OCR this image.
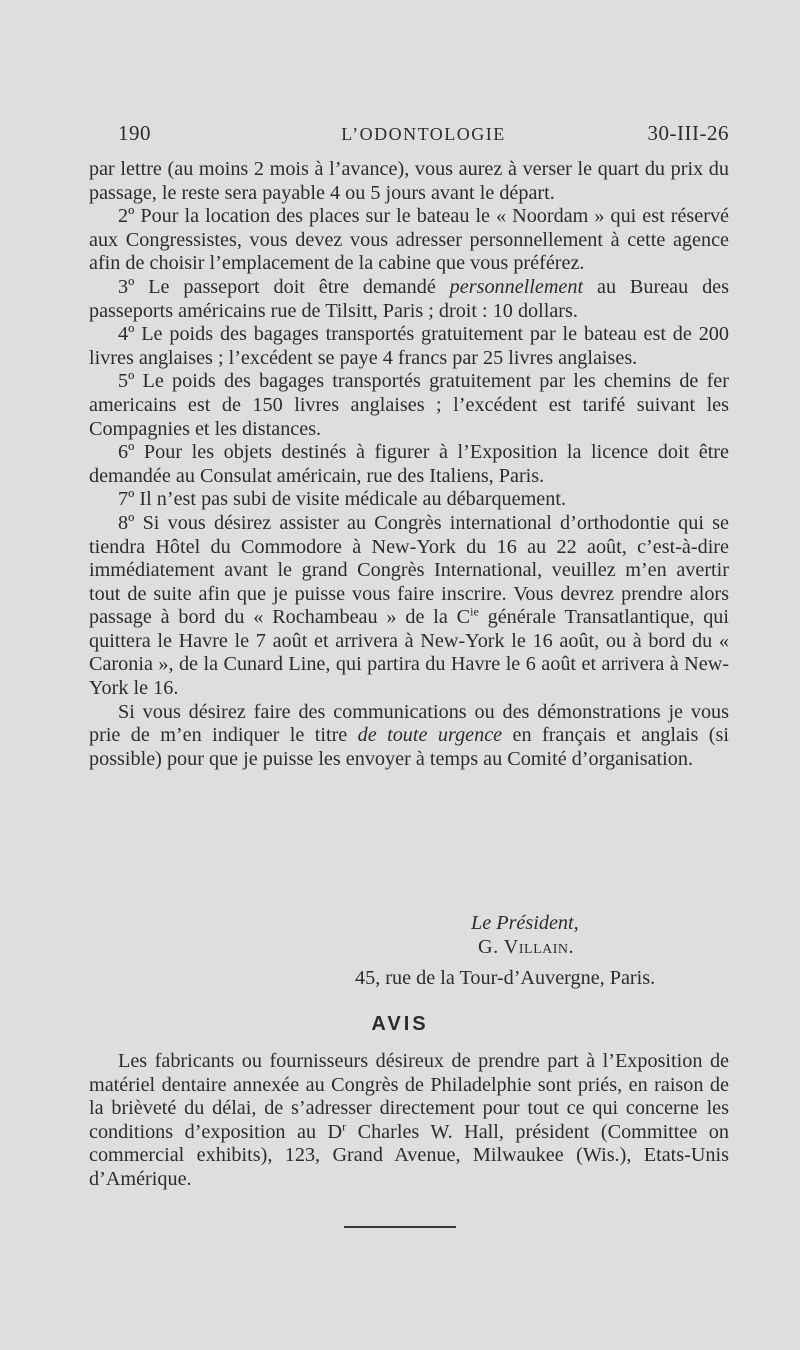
190	L’ODONTOLOGIE	30-III-26

par lettre (au moins 2 mois à l’avance), vous aurez à verser le quart du prix du passage, le reste sera payable 4 ou 5 jours avant le départ.

2º Pour la location des places sur le bateau le « Noordam » qui est réservé aux Congressistes, vous devez vous adresser personnellement à cette agence afin de choisir l’emplacement de la cabine que vous préférez.

3º Le passeport doit être demandé personnellement au Bureau des passeports américains rue de Tilsitt, Paris ; droit : 10 dollars.

4º Le poids des bagages transportés gratuitement par le bateau est de 200 livres anglaises ; l’excédent se paye 4 francs par 25 livres anglaises.

5º Le poids des bagages transportés gratuitement par les chemins de fer americains est de 150 livres anglaises ; l’excédent est tarifé suivant les Compagnies et les distances.

6º Pour les objets destinés à figurer à l’Exposition la licence doit être demandée au Consulat américain, rue des Italiens, Paris.

7º Il n’est pas subi de visite médicale au débarquement.

8º Si vous désirez assister au Congrès international d’orthodontie qui se tiendra Hôtel du Commodore à New-York du 16 au 22 août, c’est-à-dire immédiatement avant le grand Congrès International, veuillez m’en avertir tout de suite afin que je puisse vous faire inscrire. Vous devrez prendre alors passage à bord du « Rochambeau » de la $C^{ie}$ générale Transatlantique, qui quittera le Havre le 7 août et arrivera à New-York le 16 août, ou à bord du « Caronia », de la Cunard Line, qui partira du Havre le 6 août et arrivera à New-York le 16.

Si vous désirez faire des communications ou des démonstrations je vous prie de m’en indiquer le titre de toute urgence en français et anglais (si possible) pour que je puisse les envoyer à temps au Comité d’organisation.

Le Président,
G. Villain.
45, rue de la Tour-d’Auvergne, Paris.
AVIS

Les fabricants ou fournisseurs désireux de prendre part à l’Exposition de matériel dentaire annexée au Congrès de Philadelphie sont priés, en raison de la brièveté du délai, de s’adresser directement pour tout ce qui concerne les conditions d’exposition au $D^r$ Charles W. Hall, président (Committee on commercial exhibits), 123, Grand Avenue, Milwaukee (Wis.), Etats-Unis d’Amérique.
